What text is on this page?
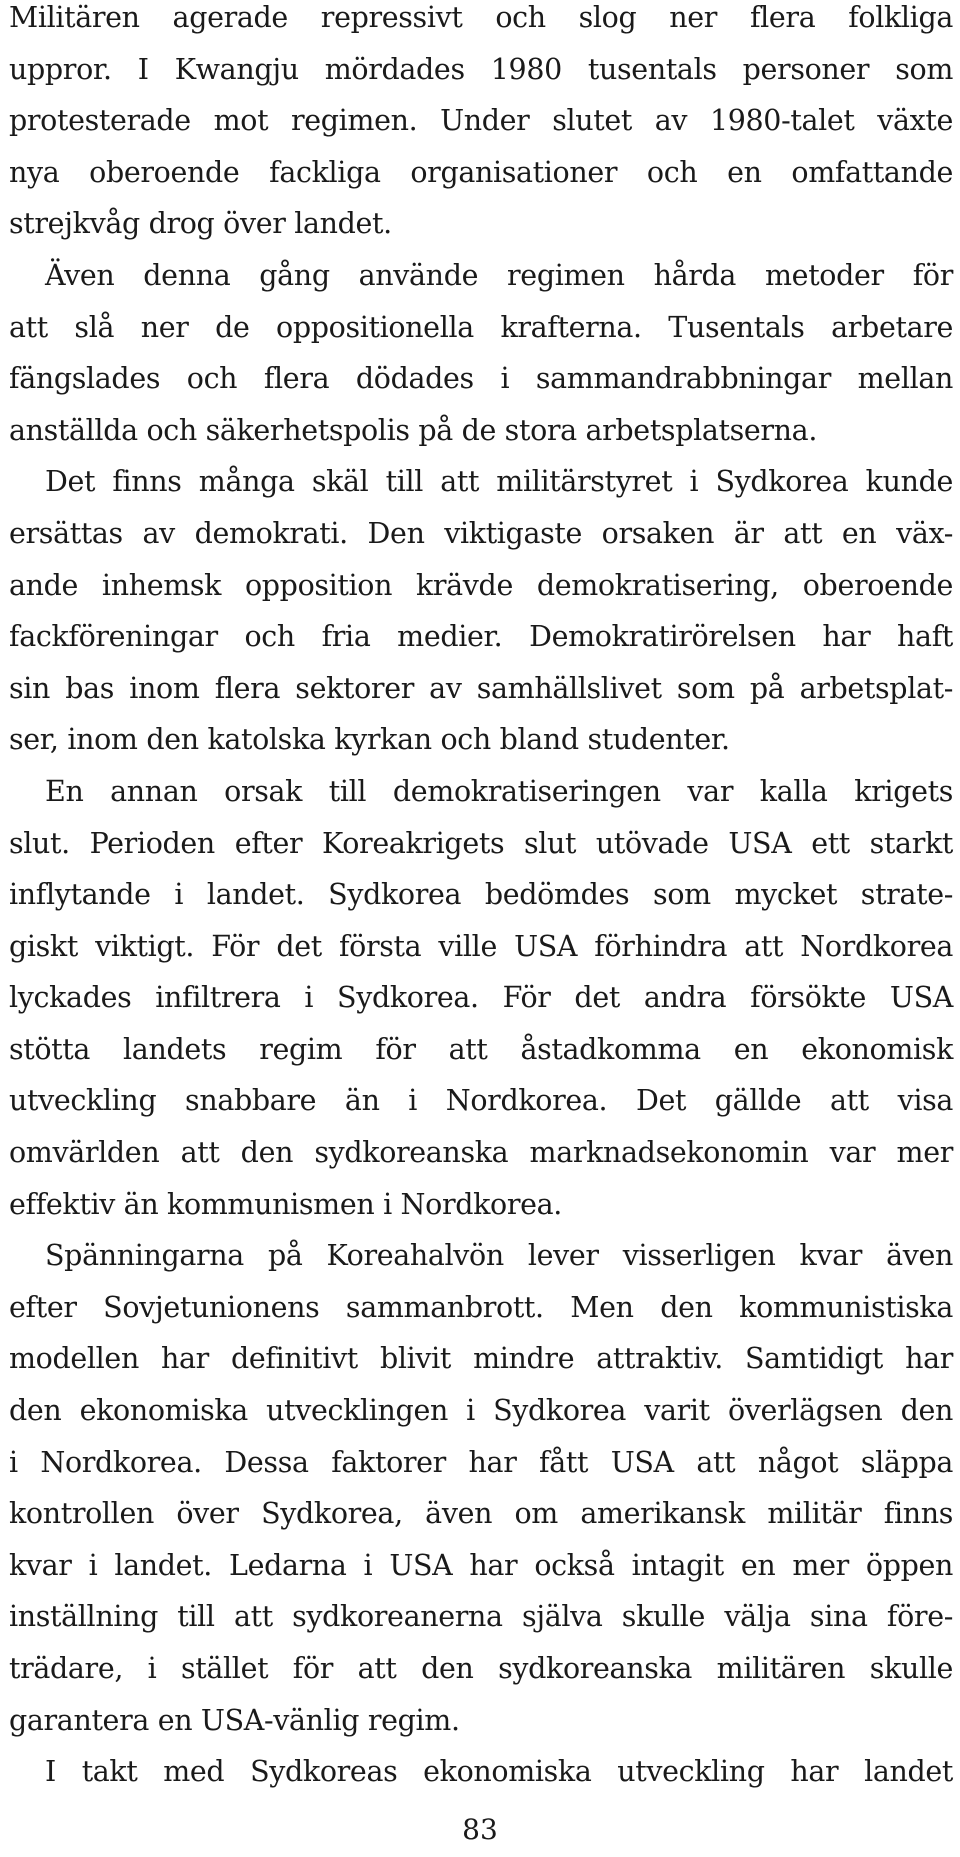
Militären agerade repressivt och slog ner flera folkliga
uppror. I Kwangju mördades 1980 tusentals personer som
protesterade mot regimen. Under slutet av 1980-talet växte
nya oberoende fackliga organisationer och en omfattande
strejkvåg drog över landet.
Även denna gång använde regimen hårda metoder för
att slå ner de oppositionella krafterna. Tusentals arbetare
fängslades och flera dödades i sammandrabbningar mellan
anställda och säkerhetspolis på de stora arbetsplatserna.
Det finns många skäl till att militärstyret i Sydkorea kunde
ersättas av demokrati. Den viktigaste orsaken är att en väx-
ande inhemsk opposition krävde demokratisering, oberoende
fackföreningar och fria medier. Demokratirörelsen har haft
sin bas inom flera sektorer av samhällslivet som på arbetsplat-
ser, inom den katolska kyrkan och bland studenter.
En annan orsak till demokratiseringen var kalla krigets
slut. Perioden efter Koreakrigets slut utövade USA ett starkt
inflytande i landet. Sydkorea bedömdes som mycket strate-
giskt viktigt. För det första ville USA förhindra att Nordkorea
lyckades infiltrera i Sydkorea. För det andra försökte USA
stötta landets regim för att åstadkomma en ekonomisk
utveckling snabbare än i Nordkorea. Det gällde att visa
omvärlden att den sydkoreanska marknadsekonomin var mer
effektiv än kommunismen i Nordkorea.
Spänningarna på Koreahalvön lever visserligen kvar även
efter Sovjetunionens sammanbrott. Men den kommunistiska
modellen har definitivt blivit mindre attraktiv. Samtidigt har
den ekonomiska utvecklingen i Sydkorea varit överlägsen den
i Nordkorea. Dessa faktorer har fått USA att något släppa
kontrollen över Sydkorea, även om amerikansk militär finns
kvar i landet. Ledarna i USA har också intagit en mer öppen
inställning till att sydkoreanerna själva skulle välja sina före-
trädare, i stället för att den sydkoreanska militären skulle
garantera en USA-vänlig regim.
I takt med Sydkoreas ekonomiska utveckling har landet
83
